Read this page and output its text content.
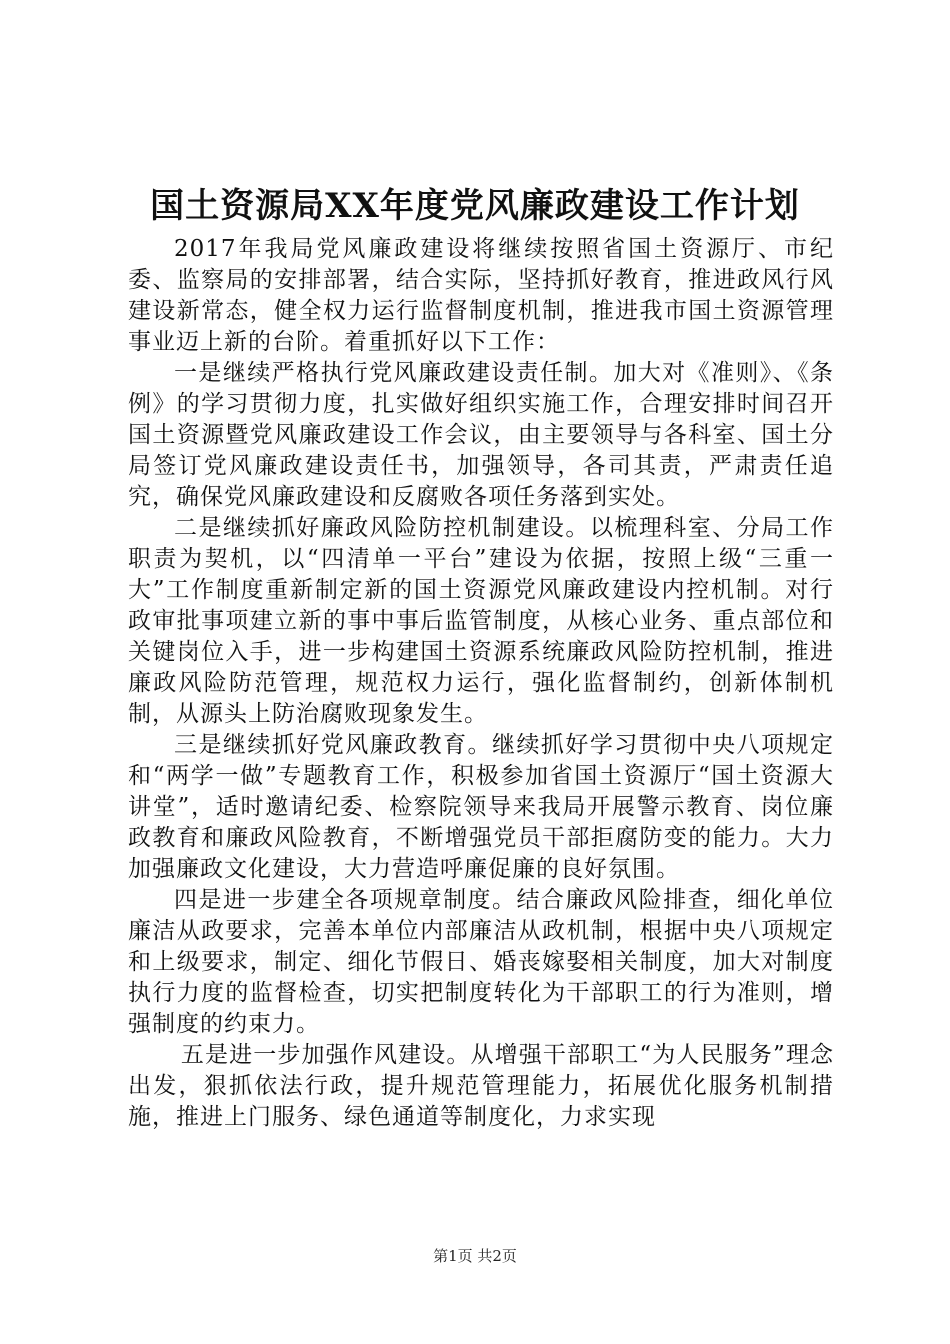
国土资源局XX年度党风廉政建设工作计划

2017年我局党风廉政建设将继续按照省国土资源厅、市纪委、监察局的安排部署，结合实际，坚持抓好教育，推进政风行风建设新常态，健全权力运行监督制度机制，推进我市国土资源管理事业迈上新的台阶。着重抓好以下工作：

一是继续严格执行党风廉政建设责任制。加大对《准则》、《条例》的学习贯彻力度，扎实做好组织实施工作，合理安排时间召开国土资源暨党风廉政建设工作会议，由主要领导与各科室、国土分局签订党风廉政建设责任书，加强领导，各司其责，严肃责任追究，确保党风廉政建设和反腐败各项任务落到实处。

二是继续抓好廉政风险防控机制建设。以梳理科室、分局工作职责为契机，以“四清单一平台”建设为依据，按照上级“三重一大”工作制度重新制定新的国土资源党风廉政建设内控机制。对行政审批事项建立新的事中事后监管制度，从核心业务、重点部位和关键岗位入手，进一步构建国土资源系统廉政风险防控机制，推进廉政风险防范管理，规范权力运行，强化监督制约，创新体制机制，从源头上防治腐败现象发生。

三是继续抓好党风廉政教育。继续抓好学习贯彻中央八项规定和“两学一做”专题教育工作，积极参加省国土资源厅“国土资源大讲堂”，适时邀请纪委、检察院领导来我局开展警示教育、岗位廉政教育和廉政风险教育，不断增强党员干部拒腐防变的能力。大力加强廉政文化建设，大力营造呼廉促廉的良好氛围。

四是进一步建全各项规章制度。结合廉政风险排查，细化单位廉洁从政要求，完善本单位内部廉洁从政机制，根据中央八项规定和上级要求，制定、细化节假日、婚丧嫁娶相关制度，加大对制度执行力度的监督检查，切实把制度转化为干部职工的行为准则，增强制度的约束力。

五是进一步加强作风建设。从增强干部职工“为人民服务”理念出发，狠抓依法行政，提升规范管理能力，拓展优化服务机制措施，推进上门服务、绿色通道等制度化，力求实现

第1页 共2页
